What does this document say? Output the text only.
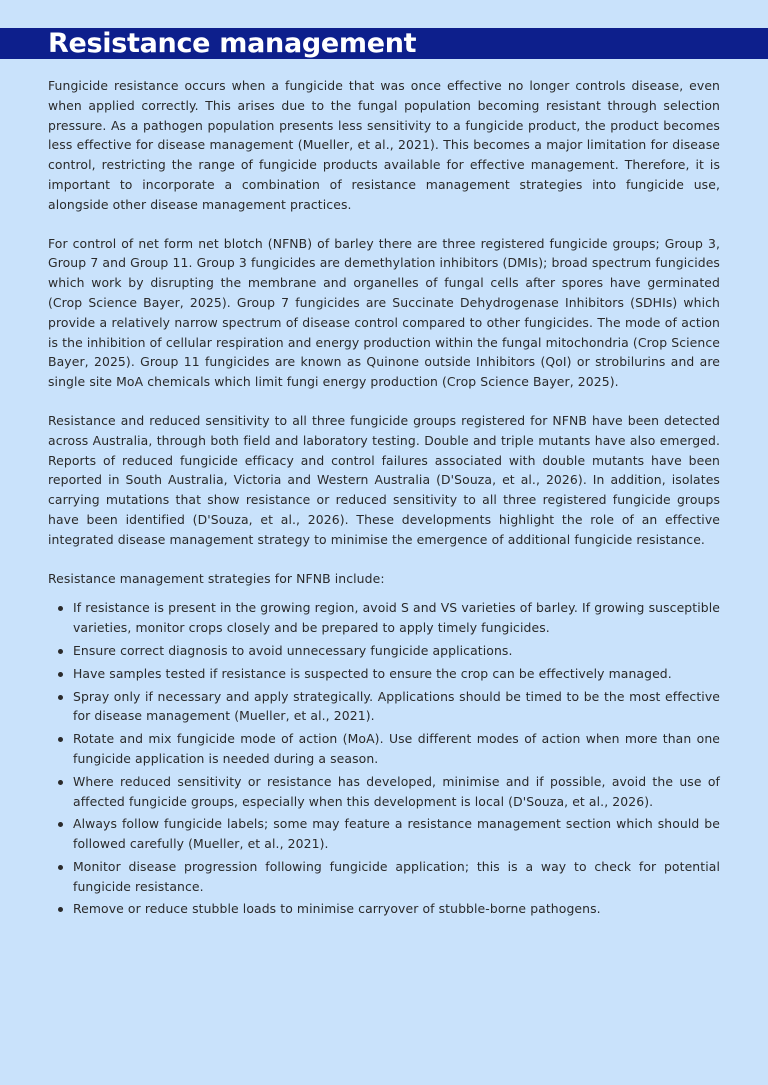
Resistance management

Fungicide resistance occurs when a fungicide that was once effective no longer controls disease, even when applied correctly. This arises due to the fungal population becoming resistant through selection pressure. As a pathogen population presents less sensitivity to a fungicide product, the product becomes less effective for disease management (Mueller, et al., 2021). This becomes a major limitation for disease control, restricting the range of fungicide products available for effective management. Therefore, it is important to incorporate a combination of resistance management strategies into fungicide use, alongside other disease management practices.

For control of net form net blotch (NFNB) of barley there are three registered fungicide groups; Group 3, Group 7 and Group 11. Group 3 fungicides are demethylation inhibitors (DMIs); broad spectrum fungicides which work by disrupting the membrane and organelles of fungal cells after spores have germinated (Crop Science Bayer, 2025). Group 7 fungicides are Succinate Dehydrogenase Inhibitors (SDHIs) which provide a relatively narrow spectrum of disease control compared to other fungicides. The mode of action is the inhibition of cellular respiration and energy production within the fungal mitochondria (Crop Science Bayer, 2025). Group 11 fungicides are known as Quinone outside Inhibitors (QoI) or strobilurins and are single site MoA chemicals which limit fungi energy production (Crop Science Bayer, 2025).

Resistance and reduced sensitivity to all three fungicide groups registered for NFNB have been detected across Australia, through both field and laboratory testing. Double and triple mutants have also emerged. Reports of reduced fungicide efficacy and control failures associated with double mutants have been reported in South Australia, Victoria and Western Australia (D'Souza, et al., 2026). In addition, isolates carrying mutations that show resistance or reduced sensitivity to all three registered fungicide groups have been identified (D'Souza, et al., 2026). These developments highlight the role of an effective integrated disease management strategy to minimise the emergence of additional fungicide resistance.

Resistance management strategies for NFNB include:

If resistance is present in the growing region, avoid S and VS varieties of barley. If growing susceptible varieties, monitor crops closely and be prepared to apply timely fungicides.
Ensure correct diagnosis to avoid unnecessary fungicide applications.
Have samples tested if resistance is suspected to ensure the crop can be effectively managed.
Spray only if necessary and apply strategically. Applications should be timed to be the most effective for disease management (Mueller, et al., 2021).
Rotate and mix fungicide mode of action (MoA). Use different modes of action when more than one fungicide application is needed during a season.
Where reduced sensitivity or resistance has developed, minimise and if possible, avoid the use of affected fungicide groups, especially when this development is local (D'Souza, et al., 2026).
Always follow fungicide labels; some may feature a resistance management section which should be followed carefully (Mueller, et al., 2021).
Monitor disease progression following fungicide application; this is a way to check for potential fungicide resistance.
Remove or reduce stubble loads to minimise carryover of stubble-borne pathogens.
